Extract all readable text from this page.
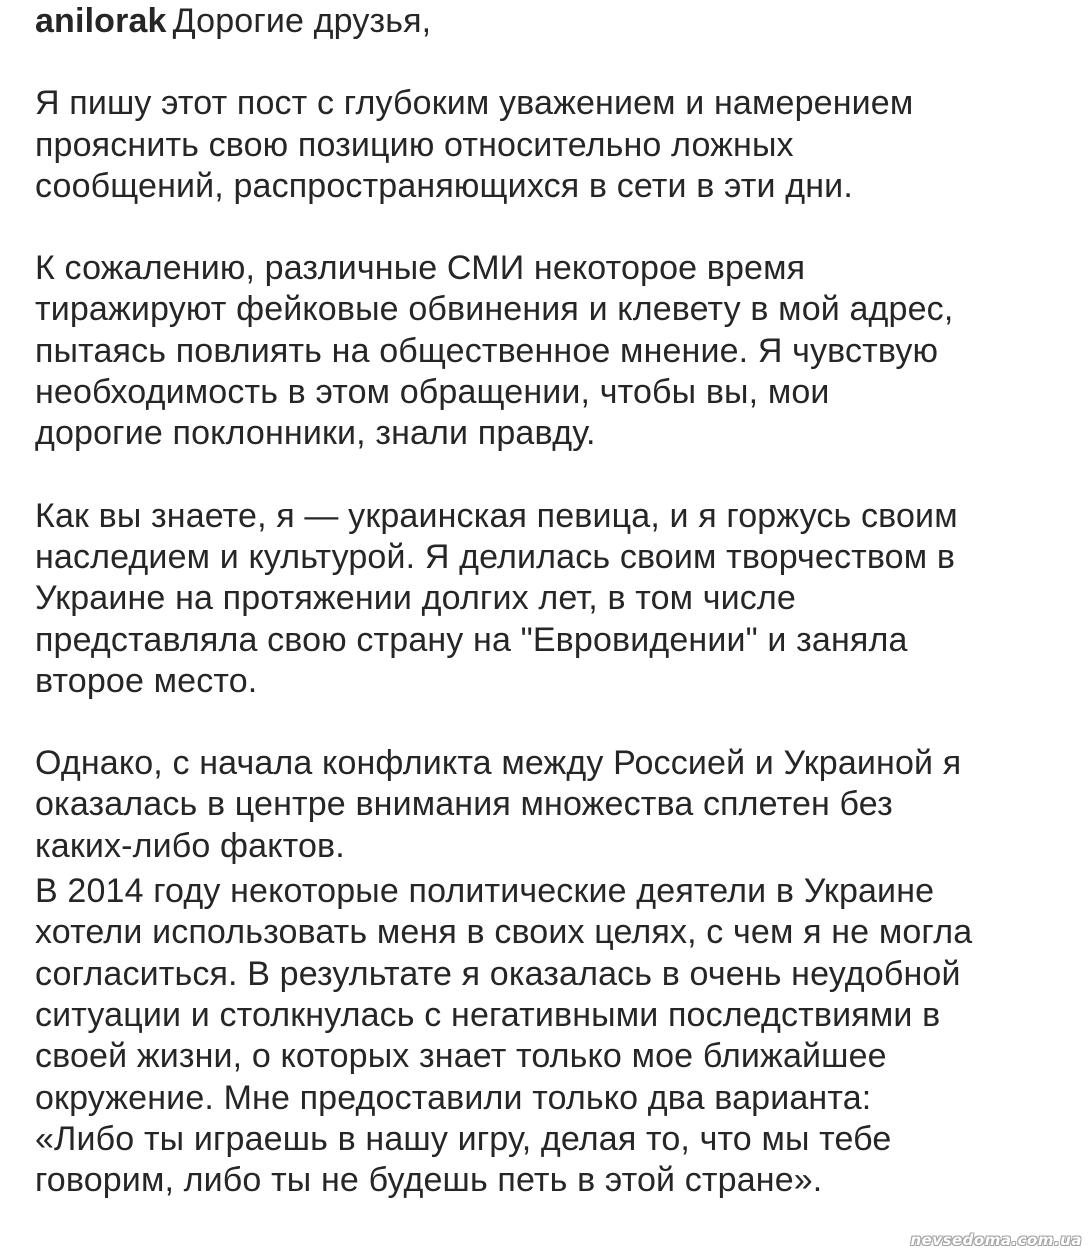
anilorak Дорогие друзья,

Я пишу этот пост с глубоким уважением и намерением
прояснить свою позицию относительно ложных
сообщений, распространяющихся в сети в эти дни.

К сожалению, различные СМИ некоторое время
тиражируют фейковые обвинения и клевету в мой адрес,
пытаясь повлиять на общественное мнение. Я чувствую
необходимость в этом обращении, чтобы вы, мои
дорогие поклонники, знали правду.

Как вы знаете, я — украинская певица, и я горжусь своим
наследием и культурой. Я делилась своим творчеством в
Украине на протяжении долгих лет, в том числе
представляла свою страну на "Евровидении" и заняла
второе место.

Однако, с начала конфликта между Россией и Украиной я
оказалась в центре внимания множества сплетен без
каких-либо фактов.

В 2014 году некоторые политические деятели в Украине
хотели использовать меня в своих целях, с чем я не могла
согласиться. В результате я оказалась в очень неудобной
ситуации и столкнулась с негативными последствиями в
своей жизни, о которых знает только мое ближайшее
окружение. Мне предоставили только два варианта:
«Либо ты играешь в нашу игру, делая то, что мы тебе
говорим, либо ты не будешь петь в этой стране».

nevsedoma.com.ua
